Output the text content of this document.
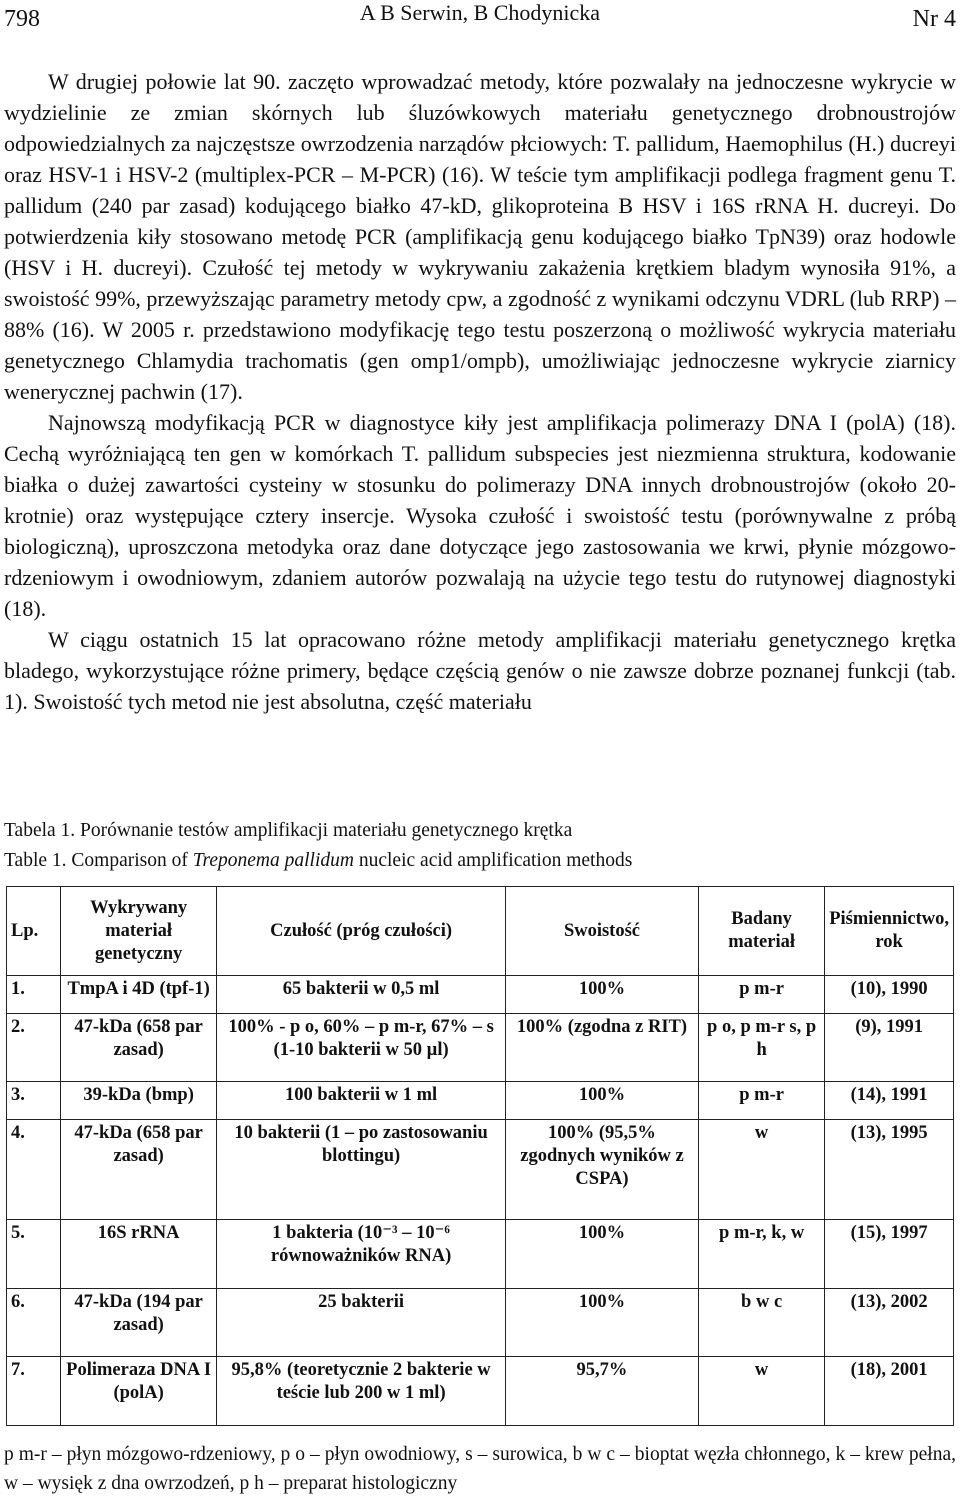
798	A B Serwin, B Chodynicka	Nr 4

W drugiej połowie lat 90. zaczęto wprowadzać metody, które pozwalały na jednoczesne wykrycie w wydzielinie ze zmian skórnych lub śluzówkowych materiału genetycznego drobnoustrojów odpowiedzialnych za najczęstsze owrzodzenia narządów płciowych: T. pallidum, Haemophilus (H.) ducreyi oraz HSV-1 i HSV-2 (multiplex-PCR – M-PCR) (16). W teście tym amplifikacji podlega fragment genu T. pallidum (240 par zasad) kodującego białko 47-kD, glikoproteina B HSV i 16S rRNA H. ducreyi. Do potwierdzenia kiły stosowano metodę PCR (amplifikacją genu kodującego białko TpN39) oraz hodowle (HSV i H. ducreyi). Czułość tej metody w wykrywaniu zakażenia krętkiem bladym wynosiła 91%, a swoistość 99%, przewyższając parametry metody cpw, a zgodność z wynikami odczynu VDRL (lub RRP) – 88% (16). W 2005 r. przedstawiono modyfikację tego testu poszerzoną o możliwość wykrycia materiału genetycznego Chlamydia trachomatis (gen omp1/ompb), umożliwiając jednoczesne wykrycie ziarnicy wenerycznej pachwin (17).

Najnowszą modyfikacją PCR w diagnostyce kiły jest amplifikacja polimerazy DNA I (polA) (18). Cechą wyróżniającą ten gen w komórkach T. pallidum subspecies jest niezmienna struktura, kodowanie białka o dużej zawartości cysteiny w stosunku do polimerazy DNA innych drobnoustrojów (około 20-krotnie) oraz występujące cztery insercje. Wysoka czułość i swoistość testu (porównywalne z próbą biologiczną), uproszczona metodyka oraz dane dotyczące jego zastosowania we krwi, płynie mózgowo-rdzeniowym i owodniowym, zdaniem autorów pozwalają na użycie tego testu do rutynowej diagnostyki (18).

W ciągu ostatnich 15 lat opracowano różne metody amplifikacji materiału genetycznego krętka bladego, wykorzystujące różne primery, będące częścią genów o nie zawsze dobrze poznanej funkcji (tab. 1). Swoistość tych metod nie jest absolutna, część materiału

Tabela 1. Porównanie testów amplifikacji materiału genetycznego krętka
Table 1. Comparison of Treponema pallidum nucleic acid amplification methods
Lp.	Wykrywany materiał genetyczny	Czułość (próg czułości)	Swoistość	Badany materiał	Piśmiennictwo, rok
1.	TmpA i 4D (tpf-1)	65 bakterii w 0,5 ml	100%	p m-r	(10), 1990
2.	47-kDa (658 par zasad)	100% - p o, 60% – p m-r, 67% – s (1-10 bakterii w 50 µl)	100% (zgodna z RIT)	p o, p m-r s, p h	(9), 1991
3.	39-kDa (bmp)	100 bakterii w 1 ml	100%	p m-r	(14), 1991
4.	47-kDa (658 par zasad)	10 bakterii (1 – po zastosowaniu blottingu)	100% (95,5% zgodnych wyników z CSPA)	w	(13), 1995
5.	16S rRNA	1 bakteria (10⁻³ – 10⁻⁶ równoważników RNA)	100%	p m-r, k, w	(15), 1997
6.	47-kDa (194 par zasad)	25 bakterii	100%	b w c	(13), 2002
7.	Polimeraza DNA I (polA)	95,8% (teoretycznie 2 bakterie w teście lub 200 w 1 ml)	95,7%	w	(18), 2001
p m-r – płyn mózgowo-rdzeniowy, p o – płyn owodniowy, s – surowica, b w c – bioptat węzła chłonnego, k – krew pełna, w – wysięk z dna owrzodzeń, p h – preparat histologiczny
